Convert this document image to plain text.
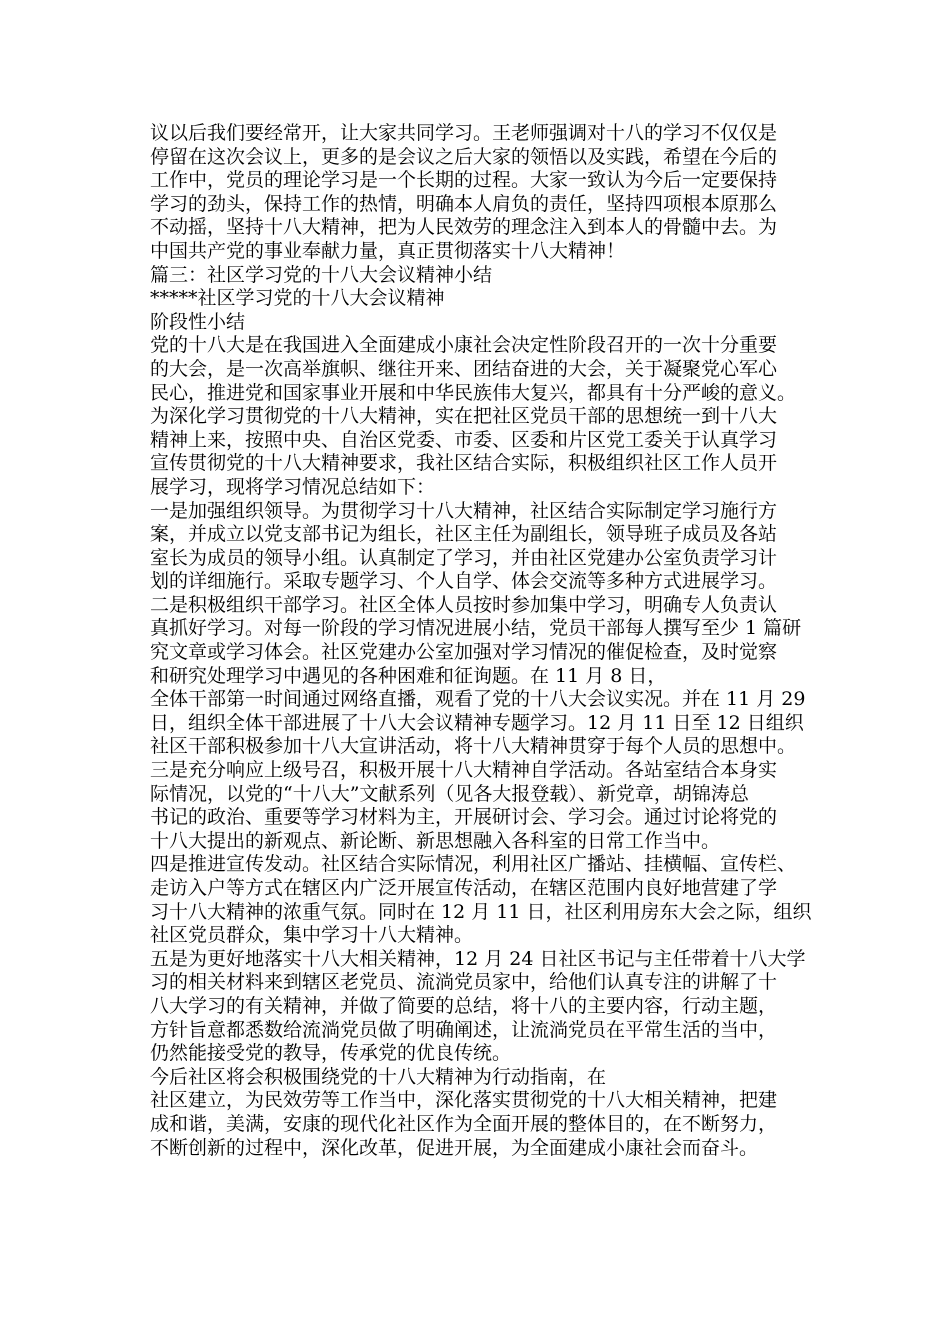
议以后我们要经常开，让大家共同学习。王老师强调对十八的学习不仅仅是
停留在这次会议上，更多的是会议之后大家的领悟以及实践，希望在今后的
工作中，党员的理论学习是一个长期的过程。大家一致认为今后一定要保持
学习的劲头，保持工作的热情，明确本人肩负的责任，坚持四项根本原那么
不动摇，坚持十八大精神，把为人民效劳的理念注入到本人的骨髓中去。为
中国共产党的事业奉献力量，真正贯彻落实十八大精神！
篇三：社区学习党的十八大会议精神小结
*****社区学习党的十八大会议精神
阶段性小结
党的十八大是在我国进入全面建成小康社会决定性阶段召开的一次十分重要
的大会，是一次高举旗帜、继往开来、团结奋进的大会，关于凝聚党心军心
民心，推进党和国家事业开展和中华民族伟大复兴，都具有十分严峻的意义。
为深化学习贯彻党的十八大精神，实在把社区党员干部的思想统一到十八大
精神上来，按照中央、自治区党委、市委、区委和片区党工委关于认真学习
宣传贯彻党的十八大精神要求，我社区结合实际，积极组织社区工作人员开
展学习，现将学习情况总结如下：
一是加强组织领导。为贯彻学习十八大精神，社区结合实际制定学习施行方
案，并成立以党支部书记为组长，社区主任为副组长，领导班子成员及各站
室长为成员的领导小组。认真制定了学习，并由社区党建办公室负责学习计
划的详细施行。采取专题学习、个人自学、体会交流等多种方式进展学习。
二是积极组织干部学习。社区全体人员按时参加集中学习，明确专人负责认
真抓好学习。对每一阶段的学习情况进展小结，党员干部每人撰写至少 1 篇研
究文章或学习体会。社区党建办公室加强对学习情况的催促检查，及时觉察
和研究处理学习中遇见的各种困难和征询题。在 11 月 8 日，
全体干部第一时间通过网络直播，观看了党的十八大会议实况。并在 11 月 29
日，组织全体干部进展了十八大会议精神专题学习。12 月 11 日至 12 日组织
社区干部积极参加十八大宣讲活动，将十八大精神贯穿于每个人员的思想中。
三是充分响应上级号召，积极开展十八大精神自学活动。各站室结合本身实
际情况，以党的“十八大”文献系列（见各大报登载）、新党章，胡锦涛总
书记的政治、重要等学习材料为主，开展研讨会、学习会。通过讨论将党的
十八大提出的新观点、新论断、新思想融入各科室的日常工作当中。
四是推进宣传发动。社区结合实际情况，利用社区广播站、挂横幅、宣传栏、
走访入户等方式在辖区内广泛开展宣传活动，在辖区范围内良好地营建了学
习十八大精神的浓重气氛。同时在 12 月 11 日，社区利用房东大会之际，组织
社区党员群众，集中学习十八大精神。
五是为更好地落实十八大相关精神，12 月 24 日社区书记与主任带着十八大学
习的相关材料来到辖区老党员、流淌党员家中，给他们认真专注的讲解了十
八大学习的有关精神，并做了简要的总结，将十八的主要内容，行动主题，
方针旨意都悉数给流淌党员做了明确阐述，让流淌党员在平常生活的当中，
仍然能接受党的教导，传承党的优良传统。
今后社区将会积极围绕党的十八大精神为行动指南，在
社区建立，为民效劳等工作当中，深化落实贯彻党的十八大相关精神，把建
成和谐，美满，安康的现代化社区作为全面开展的整体目的，在不断努力，
不断创新的过程中，深化改革，促进开展，为全面建成小康社会而奋斗。
